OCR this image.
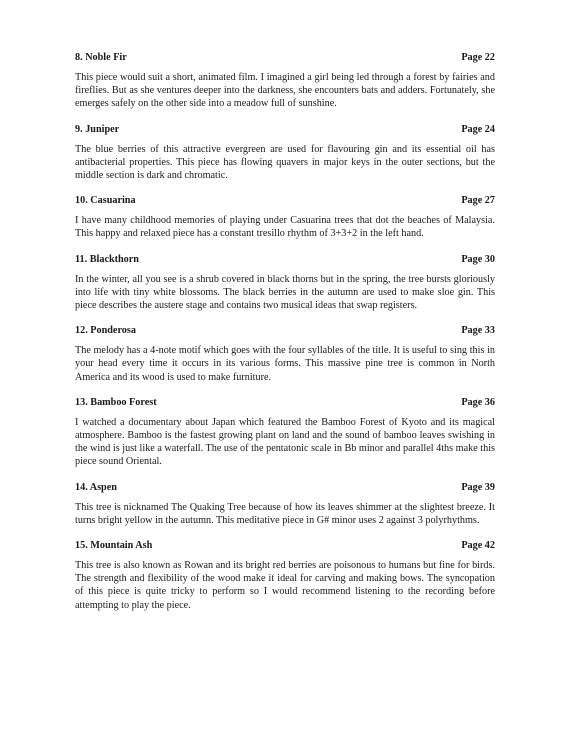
8. Noble Fir	Page 22

This piece would suit a short, animated film. I imagined a girl being led through a forest by fairies and fireflies. But as she ventures deeper into the darkness, she encounters bats and adders. Fortunately, she emerges safely on the other side into a meadow full of sunshine.

9. Juniper	Page 24

The blue berries of this attractive evergreen are used for flavouring gin and its essential oil has antibacterial properties. This piece has flowing quavers in major keys in the outer sections, but the middle section is dark and chromatic.

10. Casuarina	Page 27

I have many childhood memories of playing under Casuarina trees that dot the beaches of Malaysia. This happy and relaxed piece has a constant tresillo rhythm of 3+3+2 in the left hand.

11. Blackthorn	Page 30

In the winter, all you see is a shrub covered in black thorns but in the spring, the tree bursts gloriously into life with tiny white blossoms. The black berries in the autumn are used to make sloe gin. This piece describes the austere stage and contains two musical ideas that swap registers.

12. Ponderosa	Page 33

The melody has a 4-note motif which goes with the four syllables of the title. It is useful to sing this in your head every time it occurs in its various forms. This massive pine tree is common in North America and its wood is used to make furniture.

13. Bamboo Forest	Page 36

I watched a documentary about Japan which featured the Bamboo Forest of Kyoto and its magical atmosphere. Bamboo is the fastest growing plant on land and the sound of bamboo leaves swishing in the wind is just like a waterfall. The use of the pentatonic scale in Bb minor and parallel 4ths make this piece sound Oriental.

14. Aspen	Page 39

This tree is nicknamed The Quaking Tree because of how its leaves shimmer at the slightest breeze. It turns bright yellow in the autumn. This meditative piece in G# minor uses 2 against 3 polyrhythms.

15. Mountain Ash	Page 42

This tree is also known as Rowan and its bright red berries are poisonous to humans but fine for birds. The strength and flexibility of the wood make it ideal for carving and making bows. The syncopation of this piece is quite tricky to perform so I would recommend listening to the recording before attempting to play the piece.
